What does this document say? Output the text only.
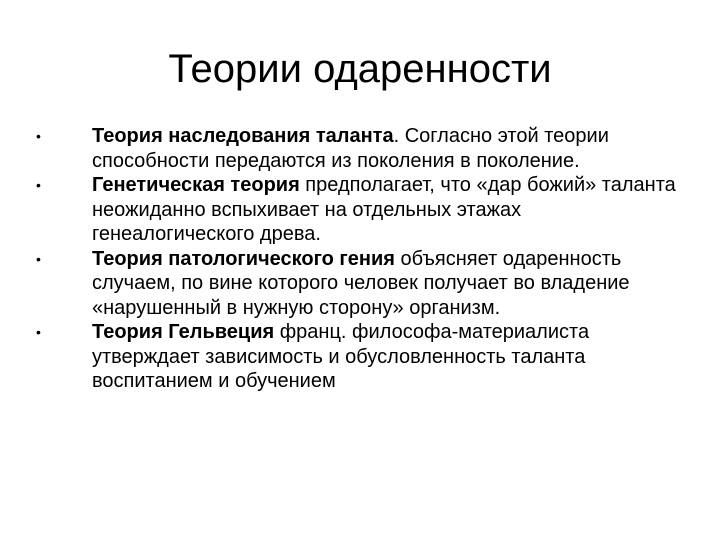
Теории одаренности
•	Теория наследования таланта. Согласно этой теории способности передаются из поколения в поколение.
•	Генетическая теория предполагает, что «дар божий» таланта неожиданно вспыхивает на отдельных этажах генеалогического древа.
•	Теория патологического гения объясняет одаренность случаем, по вине которого человек получает во владение «нарушенный в нужную сторону» организм.
•	Теория Гельвеция франц. философа-материалиста утверждает зависимость и обусловленность таланта воспитанием и обучением
